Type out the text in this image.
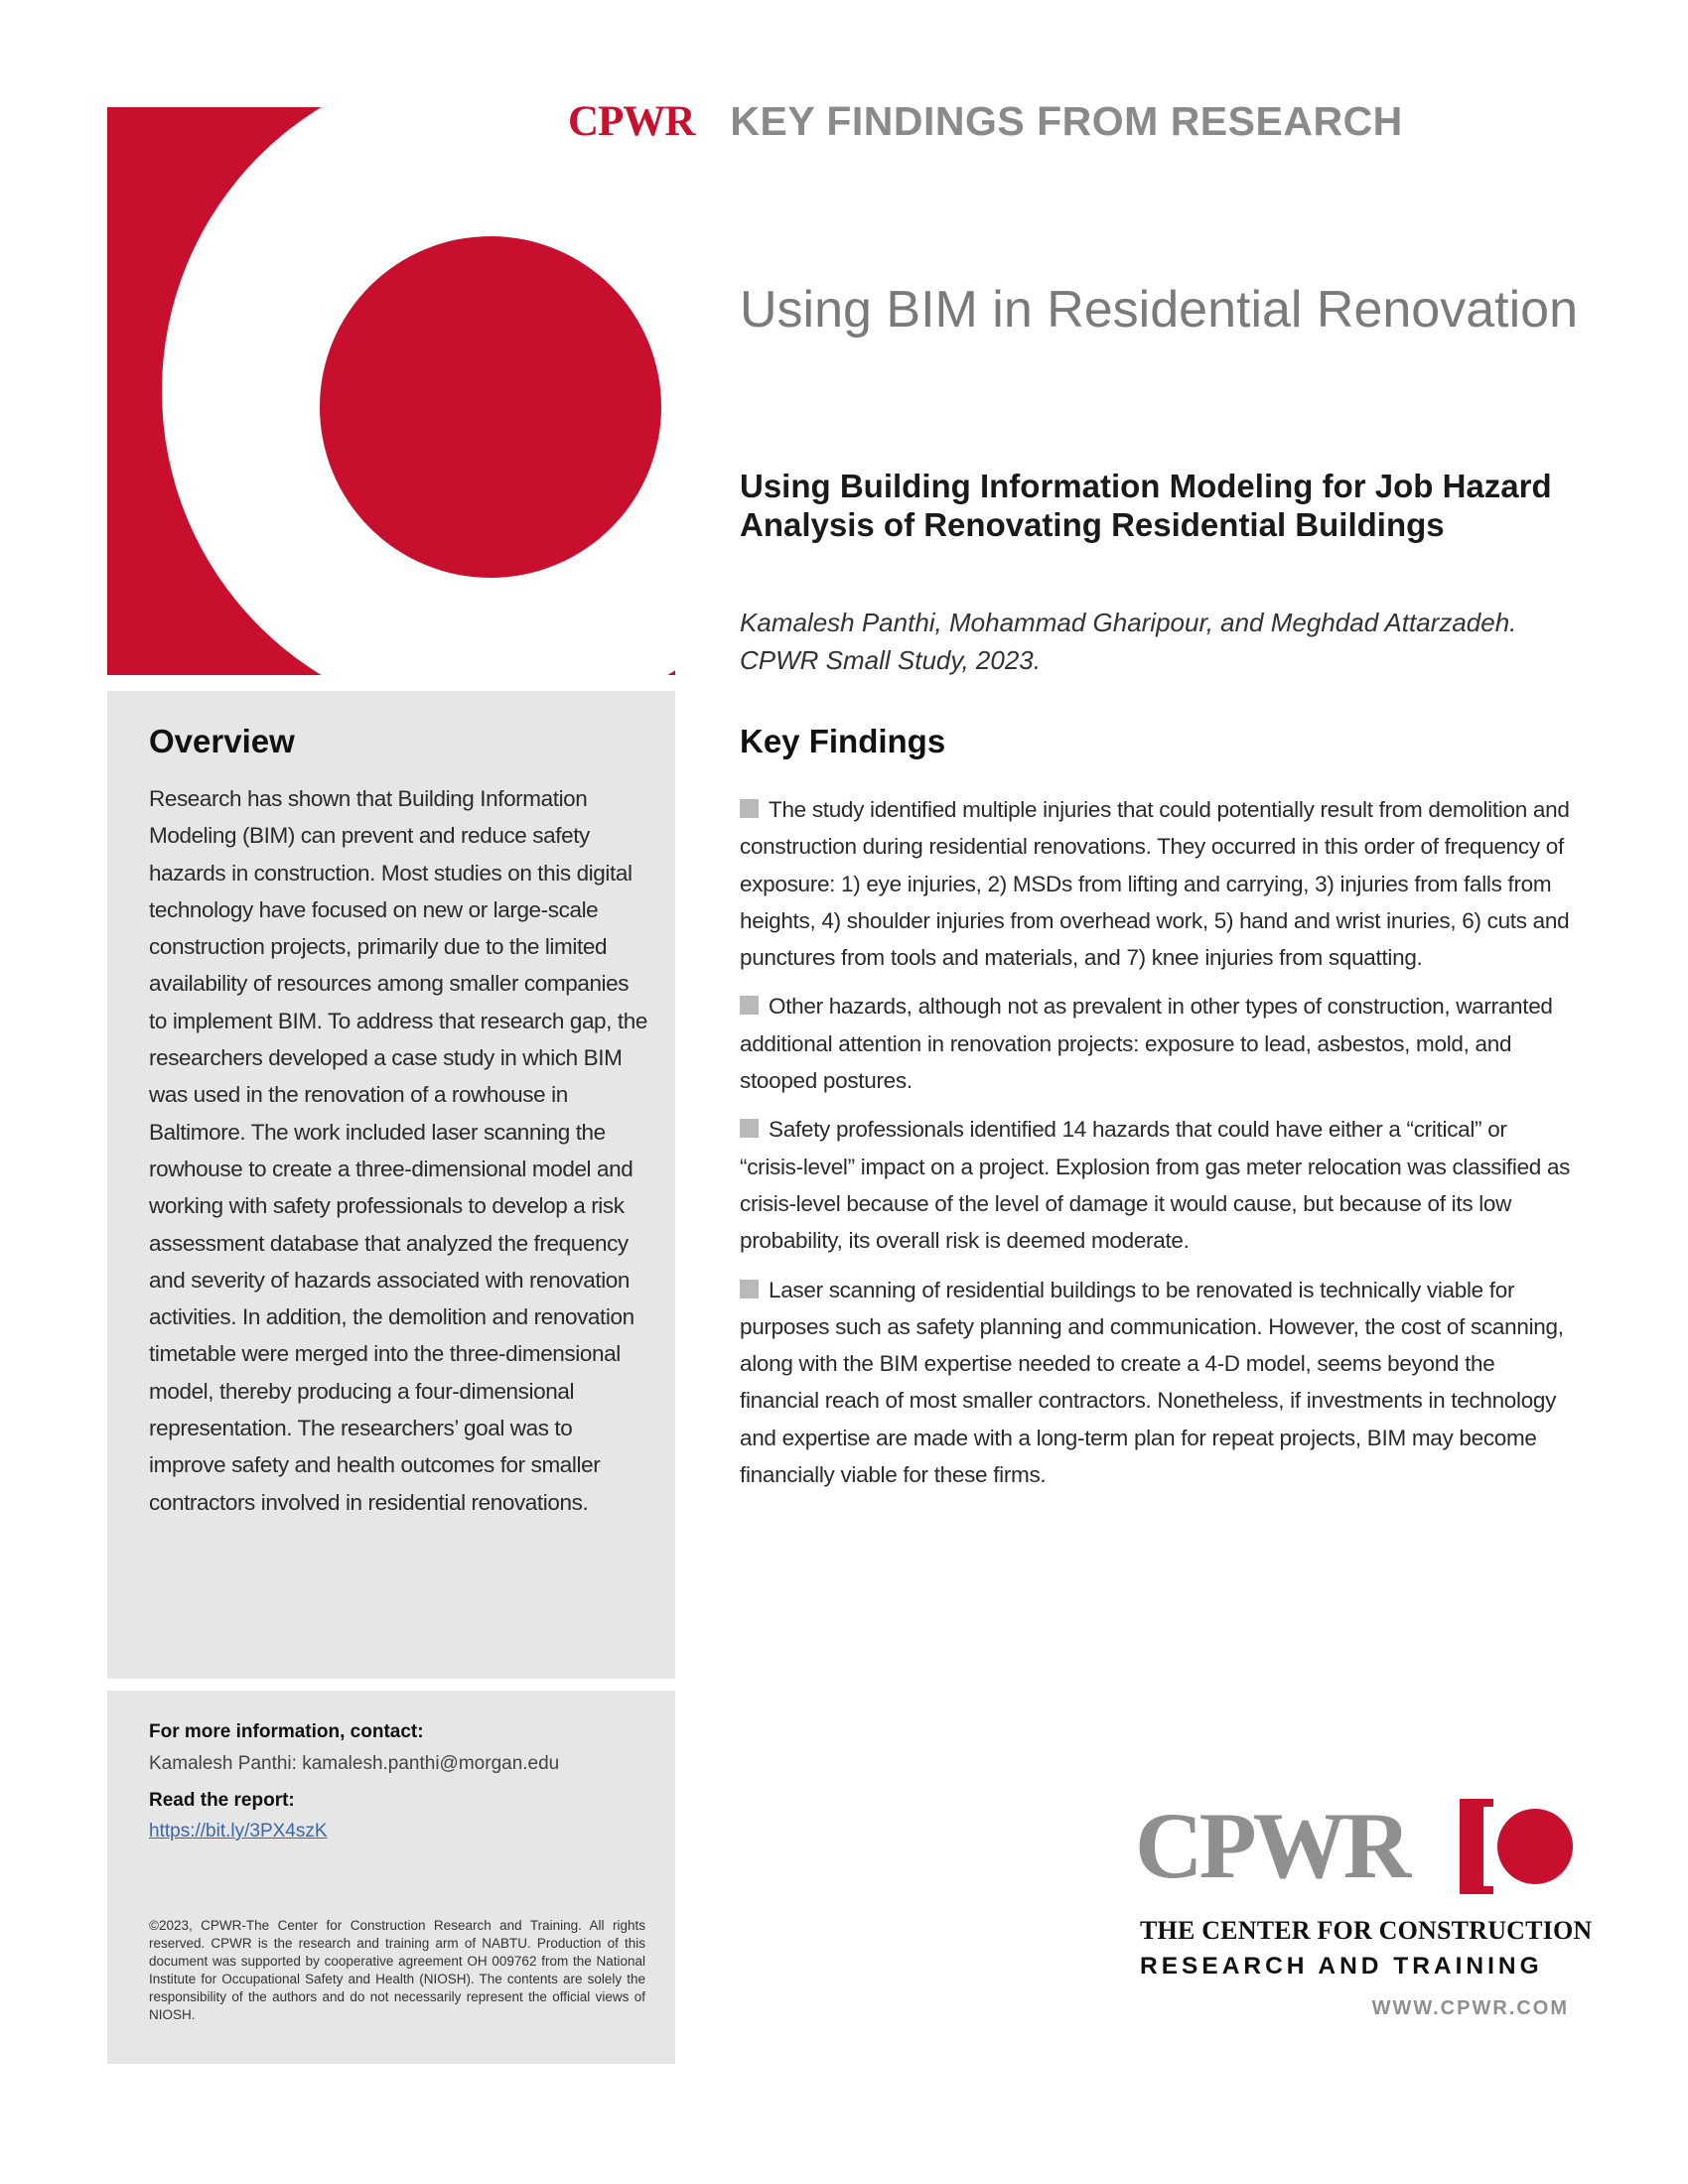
CPWR KEY FINDINGS FROM RESEARCH
Using BIM in Residential Renovation
Using Building Information Modeling for Job Hazard Analysis of Renovating Residential Buildings

Kamalesh Panthi, Mohammad Gharipour, and Meghdad Attarzadeh. CPWR Small Study, 2023.

Overview

Research has shown that Building Information Modeling (BIM) can prevent and reduce safety hazards in construction. Most studies on this digital technology have focused on new or large-scale construction projects, primarily due to the limited availability of resources among smaller companies to implement BIM. To address that research gap, the researchers developed a case study in which BIM was used in the renovation of a rowhouse in Baltimore. The work included laser scanning the rowhouse to create a three-dimensional model and working with safety professionals to develop a risk assessment database that analyzed the frequency and severity of hazards associated with renovation activities. In addition, the demolition and renovation timetable were merged into the three-dimensional model, thereby producing a four-dimensional representation. The researchers’ goal was to improve safety and health outcomes for smaller contractors involved in residential renovations.

For more information, contact:
Kamalesh Panthi: kamalesh.panthi@morgan.edu
Read the report:
https://bit.ly/3PX4szK

©2023, CPWR-The Center for Construction Research and Training. All rights reserved. CPWR is the research and training arm of NABTU. Production of this document was supported by cooperative agreement OH 009762 from the National Institute for Occupational Safety and Health (NIOSH). The contents are solely the responsibility of the authors and do not necessarily represent the official views of NIOSH.

Key Findings
The study identified multiple injuries that could potentially result from demolition and construction during residential renovations. They occurred in this order of frequency of exposure: 1) eye injuries, 2) MSDs from lifting and carrying, 3) injuries from falls from heights, 4) shoulder injuries from overhead work, 5) hand and wrist inuries, 6) cuts and punctures from tools and materials, and 7) knee injuries from squatting.
Other hazards, although not as prevalent in other types of construction, warranted additional attention in renovation projects: exposure to lead, asbestos, mold, and stooped postures.
Safety professionals identified 14 hazards that could have either a “critical” or “crisis-level” impact on a project. Explosion from gas meter relocation was classified as crisis-level because of the level of damage it would cause, but because of its low probability, its overall risk is deemed moderate.
Laser scanning of residential buildings to be renovated is technically viable for purposes such as safety planning and communication. However, the cost of scanning, along with the BIM expertise needed to create a 4-D model, seems beyond the financial reach of most smaller contractors. Nonetheless, if investments in technology and expertise are made with a long-term plan for repeat projects, BIM may become financially viable for these firms.
CPWR
THE CENTER FOR CONSTRUCTION
RESEARCH AND TRAINING
WWW.CPWR.COM
